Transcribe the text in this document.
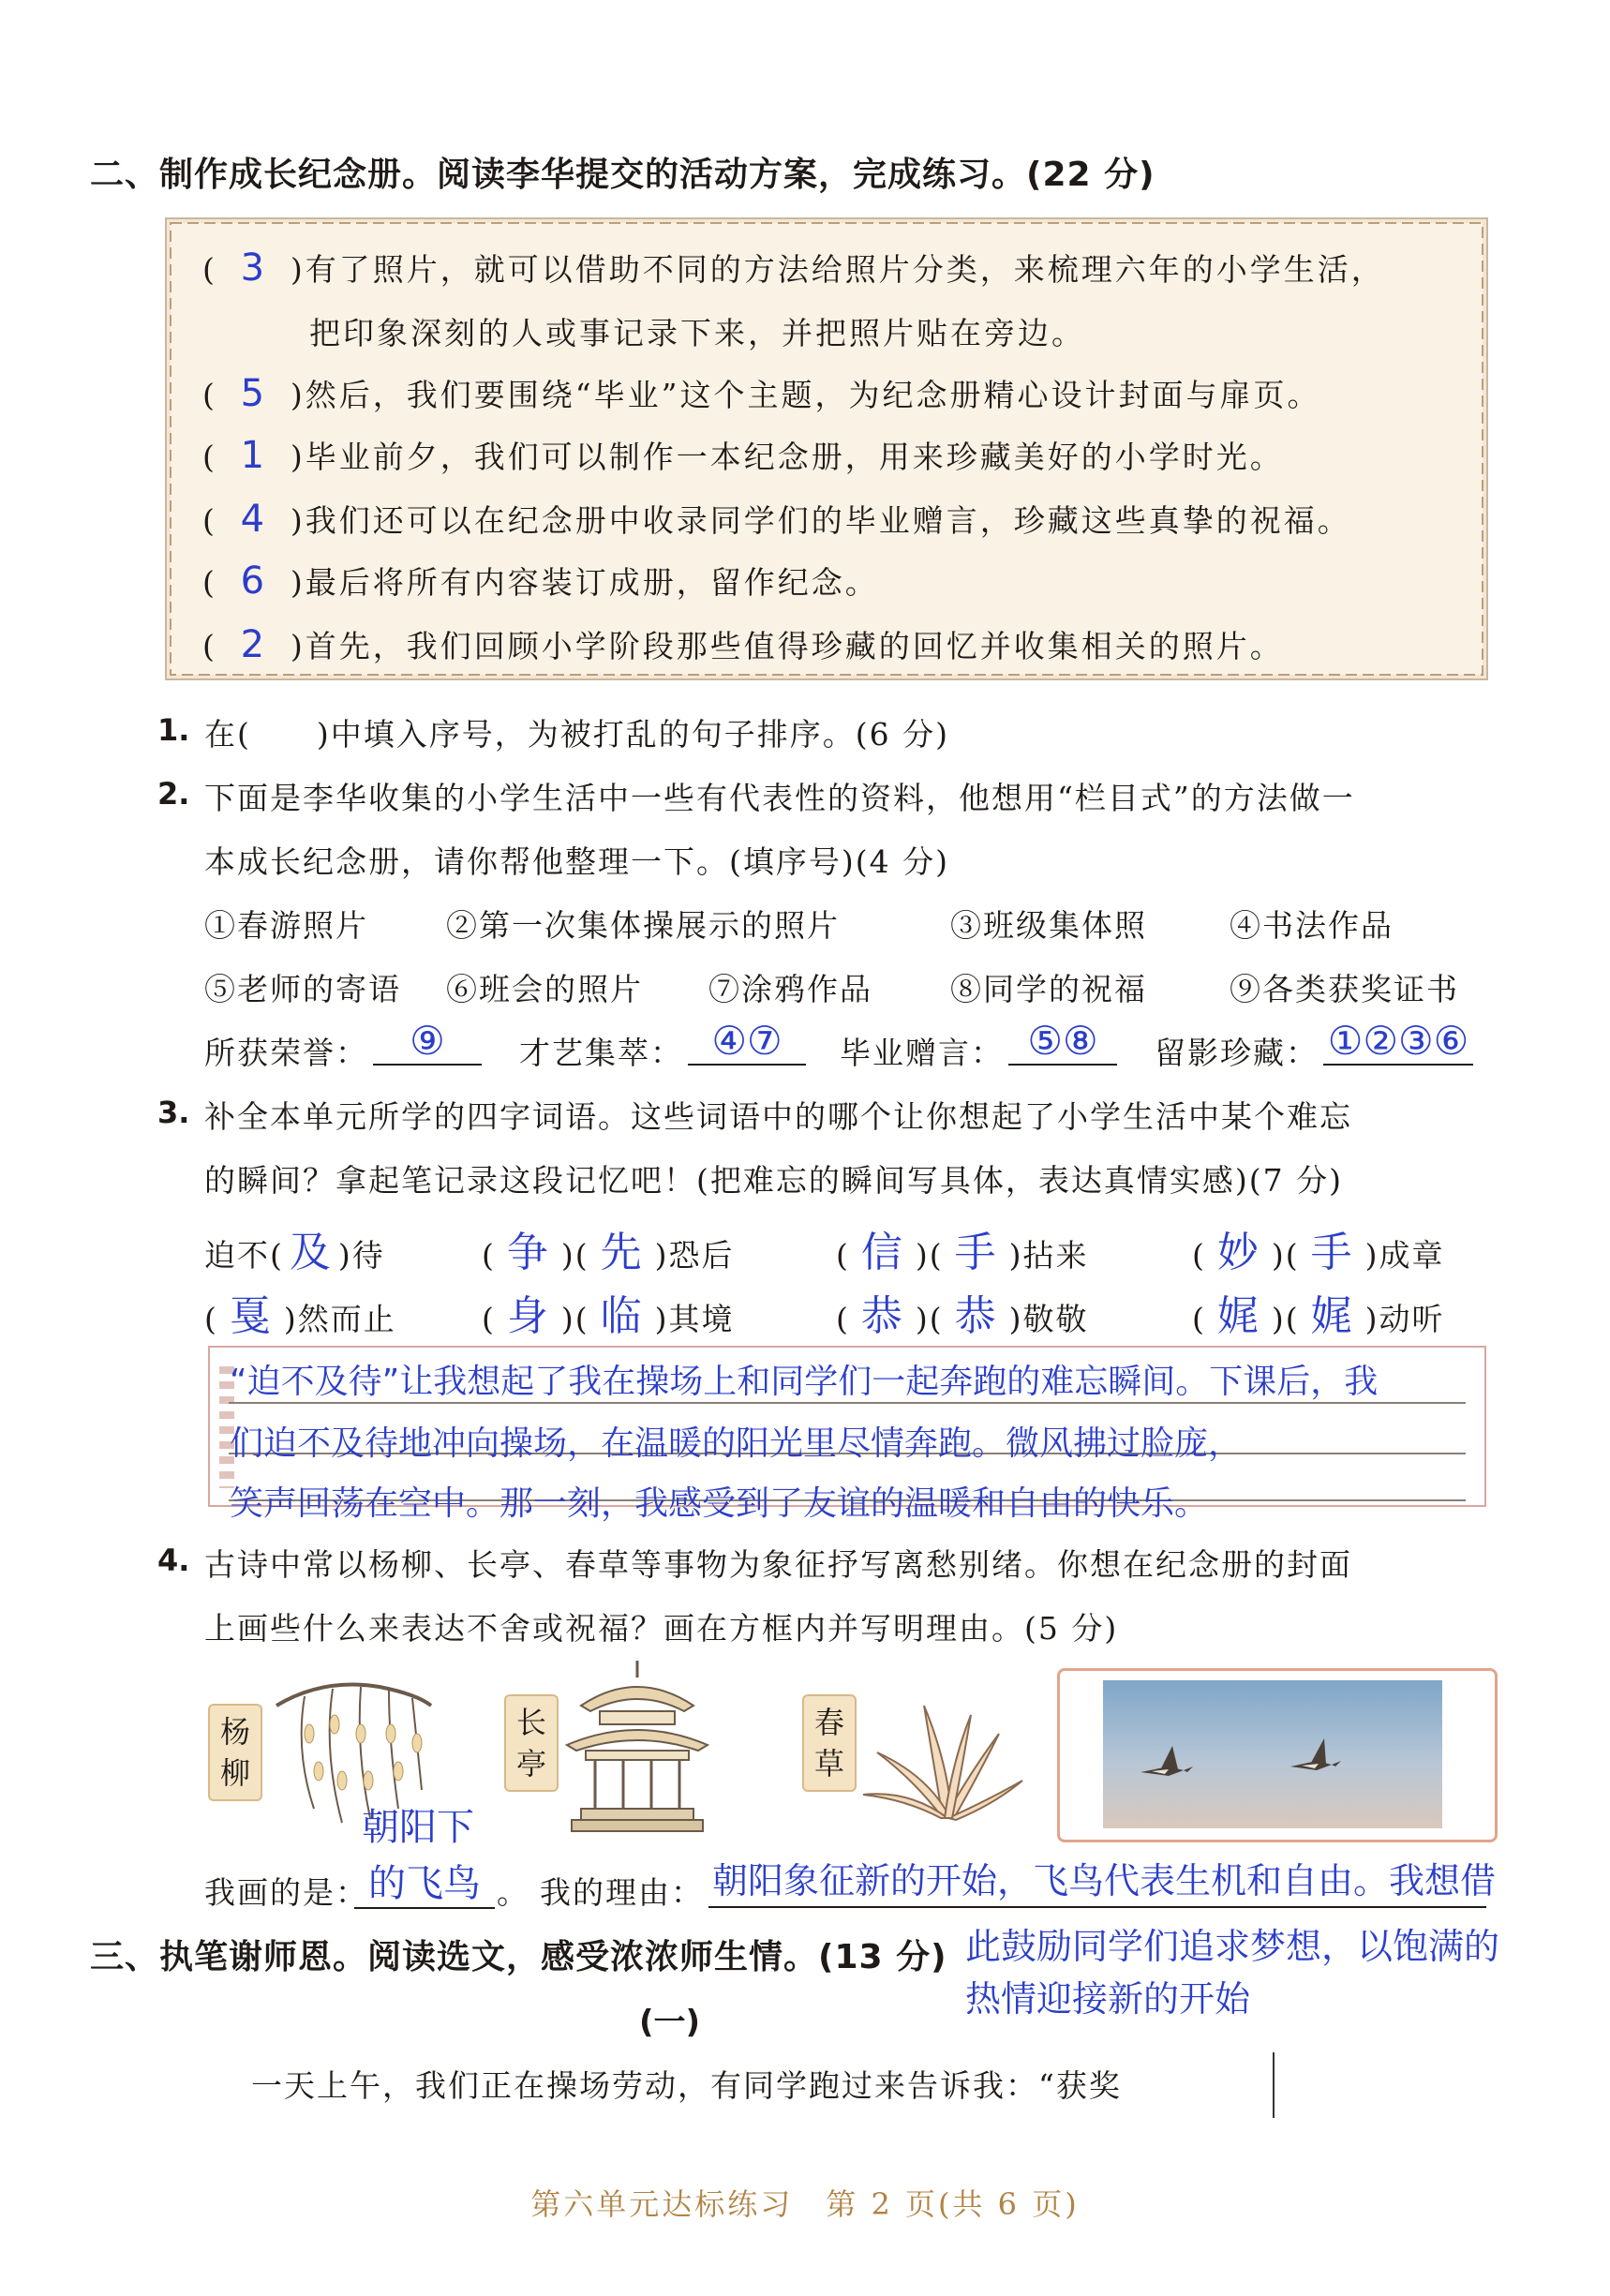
二、制作成长纪念册。阅读李华提交的活动方案，完成练习。(22 分)
( 3 )有了照片，就可以借助不同的方法给照片分类，来梳理六年的小学生活，
把印象深刻的人或事记录下来，并把照片贴在旁边。
( 5 )然后，我们要围绕“毕业”这个主题，为纪念册精心设计封面与扉页。
( 1 )毕业前夕，我们可以制作一本纪念册，用来珍藏美好的小学时光。
( 4 )我们还可以在纪念册中收录同学们的毕业赠言，珍藏这些真挚的祝福。
( 6 )最后将所有内容装订成册，留作纪念。
( 2 )首先，我们回顾小学阶段那些值得珍藏的回忆并收集相关的照片。
1. 在(　　)中填入序号，为被打乱的句子排序。(6 分)
2. 下面是李华收集的小学生活中一些有代表性的资料，他想用“栏目式”的方法做一
本成长纪念册，请你帮他整理一下。(填序号)(4 分)
①春游照片	②第一次集体操展示的照片	③班级集体照	④书法作品
⑤老师的寄语 ⑥班会的照片 ⑦涂鸦作品	⑧同学的祝福	⑨各类获奖证书
所获荣誉：	⑨	才艺集萃： ④⑦	毕业赠言： ⑤⑧	留影珍藏： ①②③⑥
3. 补全本单元所学的四字词语。这些词语中的哪个让你想起了小学生活中某个难忘
的瞬间？拿起笔记录这段记忆吧！(把难忘的瞬间写具体，表达真情实感)(7 分)
迫不( 及 )待	( 争 )( 先 )恐后	( 信 )( 手 )拈来	( 妙 )( 手 )成章
( 戛 )然而止	( 身 )( 临 )其境	( 恭 )( 恭 )敬敬	( 娓 )( 娓 )动听
“迫不及待”让我想起了我在操场上和同学们一起奔跑的难忘瞬间。下课后，我
们迫不及待地冲向操场，在温暖的阳光里尽情奔跑。微风拂过脸庞，
笑声回荡在空中。那一刻，我感受到了友谊的温暖和自由的快乐。
4. 古诗中常以杨柳、长亭、春草等事物为象征抒写离愁别绪。你想在纪念册的封面
上画些什么来表达不舍或祝福？画在方框内并写明理由。(5 分)
杨柳
朝阳下
长亭
春草
我画的是： 的飞鸟 。 我的理由： 朝阳象征新的开始，飞鸟代表生机和自由。我想借
此鼓励同学们追求梦想，以饱满的
热情迎接新的开始
三、执笔谢师恩。阅读选文，感受浓浓师生情。(13 分)
(一)
一天上午，我们正在操场劳动，有同学跑过来告诉我：“获奖
第六单元达标练习　第 2 页(共 6 页)
